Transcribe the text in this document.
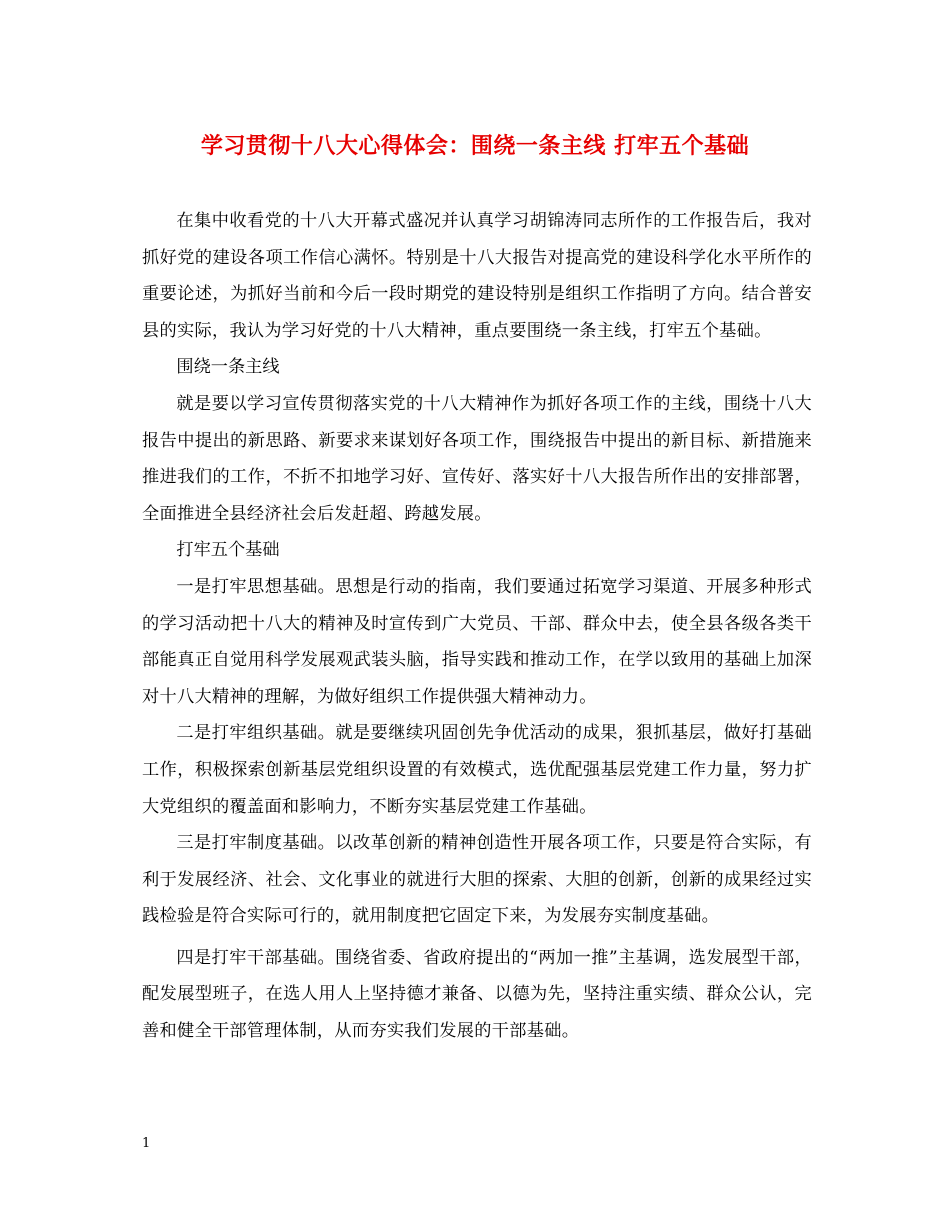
学习贯彻十八大心得体会：围绕一条主线 打牢五个基础

在集中收看党的十八大开幕式盛况并认真学习胡锦涛同志所作的工作报告后，我对抓好党的建设各项工作信心满怀。特别是十八大报告对提高党的建设科学化水平所作的重要论述，为抓好当前和今后一段时期党的建设特别是组织工作指明了方向。结合普安县的实际，我认为学习好党的十八大精神，重点要围绕一条主线，打牢五个基础。

围绕一条主线

就是要以学习宣传贯彻落实党的十八大精神作为抓好各项工作的主线，围绕十八大报告中提出的新思路、新要求来谋划好各项工作，围绕报告中提出的新目标、新措施来推进我们的工作，不折不扣地学习好、宣传好、落实好十八大报告所作出的安排部署，全面推进全县经济社会后发赶超、跨越发展。

打牢五个基础

一是打牢思想基础。思想是行动的指南，我们要通过拓宽学习渠道、开展多种形式的学习活动把十八大的精神及时宣传到广大党员、干部、群众中去，使全县各级各类干部能真正自觉用科学发展观武装头脑，指导实践和推动工作，在学以致用的基础上加深对十八大精神的理解，为做好组织工作提供强大精神动力。

二是打牢组织基础。就是要继续巩固创先争优活动的成果，狠抓基层，做好打基础工作，积极探索创新基层党组织设置的有效模式，选优配强基层党建工作力量，努力扩大党组织的覆盖面和影响力，不断夯实基层党建工作基础。

三是打牢制度基础。以改革创新的精神创造性开展各项工作，只要是符合实际，有利于发展经济、社会、文化事业的就进行大胆的探索、大胆的创新，创新的成果经过实践检验是符合实际可行的，就用制度把它固定下来，为发展夯实制度基础。

四是打牢干部基础。围绕省委、省政府提出的“两加一推”主基调，选发展型干部，配发展型班子，在选人用人上坚持德才兼备、以德为先，坚持注重实绩、群众公认，完善和健全干部管理体制，从而夯实我们发展的干部基础。

1
